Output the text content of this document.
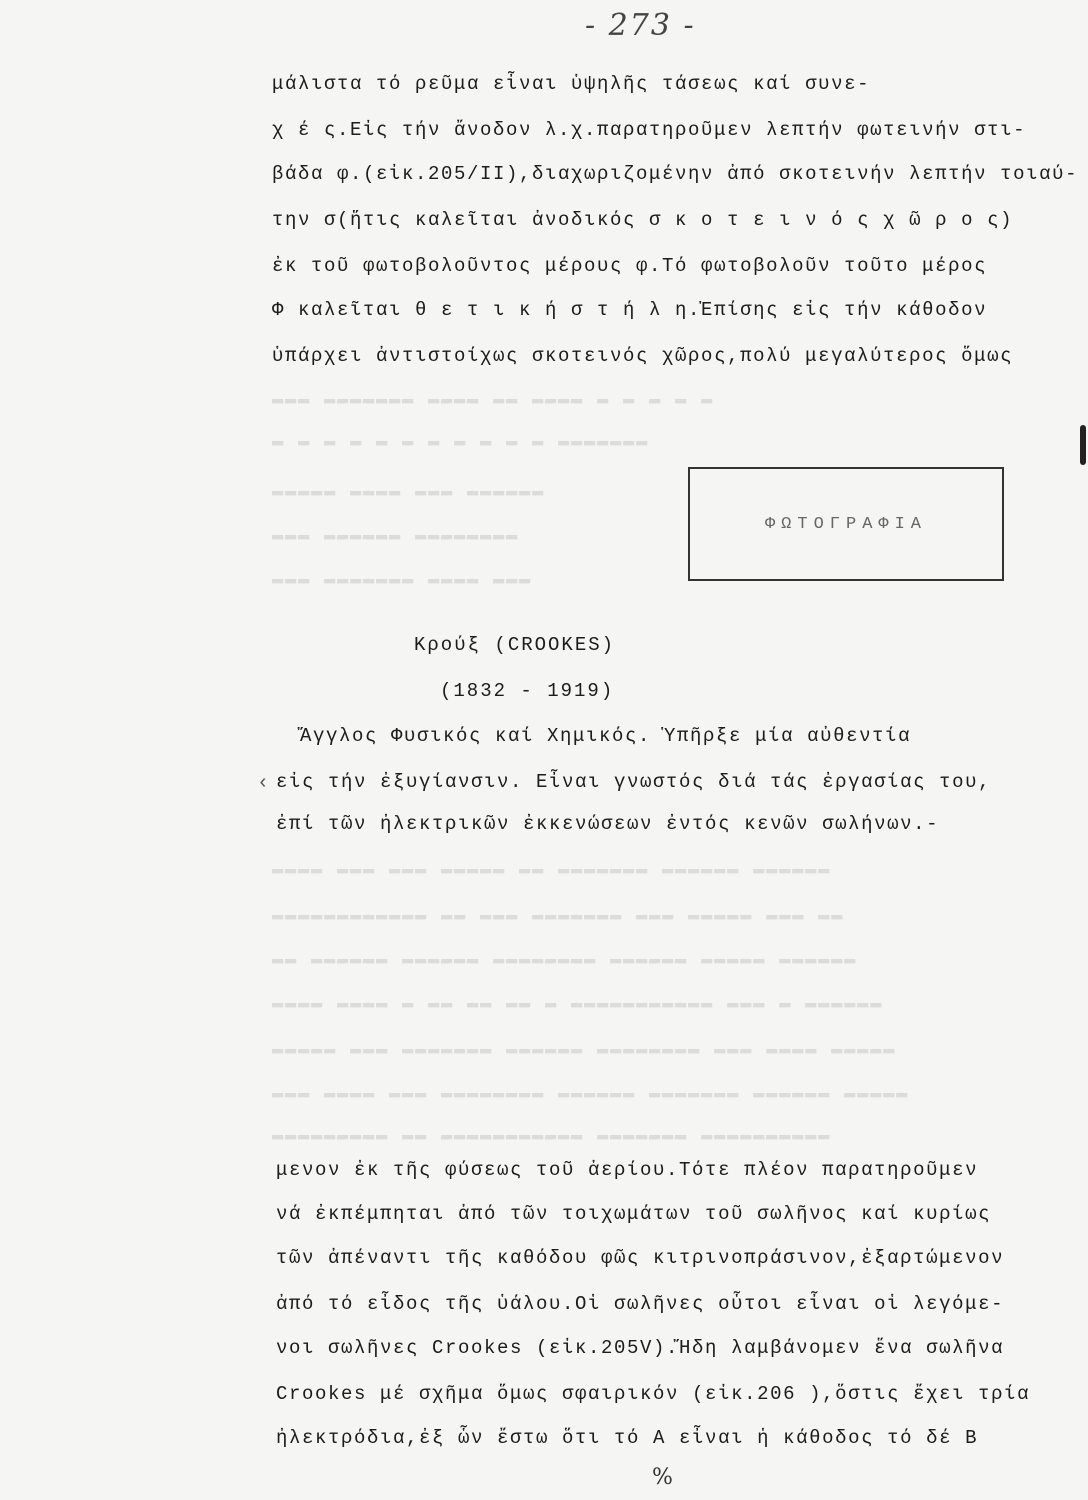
- 273 -
μάλιστα τό ρεῦμα εἶναι ὑψηλῆς τάσεως καί συνε-
χ έ ς.Εἰς τήν ἄνοδον λ.χ.παρατηροῦμεν λεπτήν φωτεινήν στι-
βάδα φ.(εἰκ.205/II),διαχωριζομένην ἀπό σκοτεινήν λεπτήν τοιαύ-
την σ(ἥτις καλεῖται ἀνοδικός σ κ ο τ ε ι ν ό ς χ ῶ ρ ο ς)
ἐκ τοῦ φωτοβολοῦντος μέρους φ.Τό φωτοβολοῦν τοῦτο μέρος
Φ καλεῖται θ ε τ ι κ ή σ τ ή λ η.Ἐπίσης εἰς τήν κάθοδον
ὑπάρχει ἀντιστοίχως σκοτεινός χῶρος,πολύ μεγαλύτερος ὅμως
▬▬▬ ▬▬▬▬▬▬▬ ▬▬▬▬ ▬▬ ▬▬▬▬ ▬ ▬ ▬ ▬ ▬
▬ ▬ ▬ ▬ ▬ ▬ ▬ ▬ ▬ ▬ ▬ ▬▬▬▬▬▬▬
▬▬▬▬▬ ▬▬▬▬ ▬▬▬ ▬▬▬▬▬▬
▬▬▬ ▬▬▬▬▬▬ ▬▬▬▬▬▬▬▬
▬▬▬ ▬▬▬▬▬▬▬ ▬▬▬▬ ▬▬▬
ΦΩΤΟΓΡΑΦΙΑ
Κρούξ (CROOKES)
(1832 - 1919)
Ἄγγλος Φυσικός καί Χημικός. Ὑπῆρξε μία αὐθεντία
εἰς τήν ἐξυγίανσιν. Εἶναι γνωστός διά τάς ἐργασίας του,
ἐπί τῶν ἠλεκτρικῶν ἐκκενώσεων ἐντός κενῶν σωλήνων.-
‹
▬▬▬▬ ▬▬▬ ▬▬▬ ▬▬▬▬▬ ▬▬ ▬▬▬▬▬▬▬ ▬▬▬▬▬▬ ▬▬▬▬▬▬
▬▬▬▬▬▬▬▬▬▬▬▬ ▬▬ ▬▬▬ ▬▬▬▬▬▬▬ ▬▬▬ ▬▬▬▬▬ ▬▬▬ ▬▬
▬▬ ▬▬▬▬▬▬ ▬▬▬▬▬▬ ▬▬▬▬▬▬▬▬ ▬▬▬▬▬▬ ▬▬▬▬▬ ▬▬▬▬▬▬
▬▬▬▬ ▬▬▬▬ ▬ ▬▬ ▬▬ ▬▬ ▬ ▬▬▬▬▬▬▬▬▬▬▬ ▬▬▬ ▬ ▬▬▬▬▬▬
▬▬▬▬▬ ▬▬▬ ▬▬▬▬▬▬▬ ▬▬▬▬▬▬ ▬▬▬▬▬▬▬▬ ▬▬▬ ▬▬▬▬ ▬▬▬▬▬
▬▬▬ ▬▬▬▬ ▬▬▬ ▬▬▬▬▬▬▬▬ ▬▬▬▬▬▬ ▬▬▬▬▬▬▬ ▬▬▬▬▬▬ ▬▬▬▬▬
▬▬▬▬▬▬▬▬▬ ▬▬ ▬▬▬▬▬▬▬▬▬▬▬ ▬▬▬▬▬▬▬ ▬▬▬▬▬▬▬▬▬▬
μενον ἐκ τῆς φύσεως τοῦ ἀερίου.Τότε πλέον παρατηροῦμεν
νά ἐκπέμπηται ἀπό τῶν τοιχωμάτων τοῦ σωλῆνος καί κυρίως
τῶν ἀπέναντι τῆς καθόδου φῶς κιτρινοπράσινον,ἐξαρτώμενον
ἀπό τό εἶδος τῆς ὑάλου.Οἱ σωλῆνες οὗτοι εἶναι οἱ λεγόμε-
νοι σωλῆνες Crookes (εἰκ.205V).Ἤδη λαμβάνομεν ἕνα σωλῆνα
Crookes μέ σχῆμα ὅμως σφαιρικόν (εἰκ.206 ),ὅστις ἔχει τρία
ἠλεκτρόδια,ἐξ ὧν ἔστω ὅτι τό Α εἶναι ἡ κάθοδος τό δέ Β
%
